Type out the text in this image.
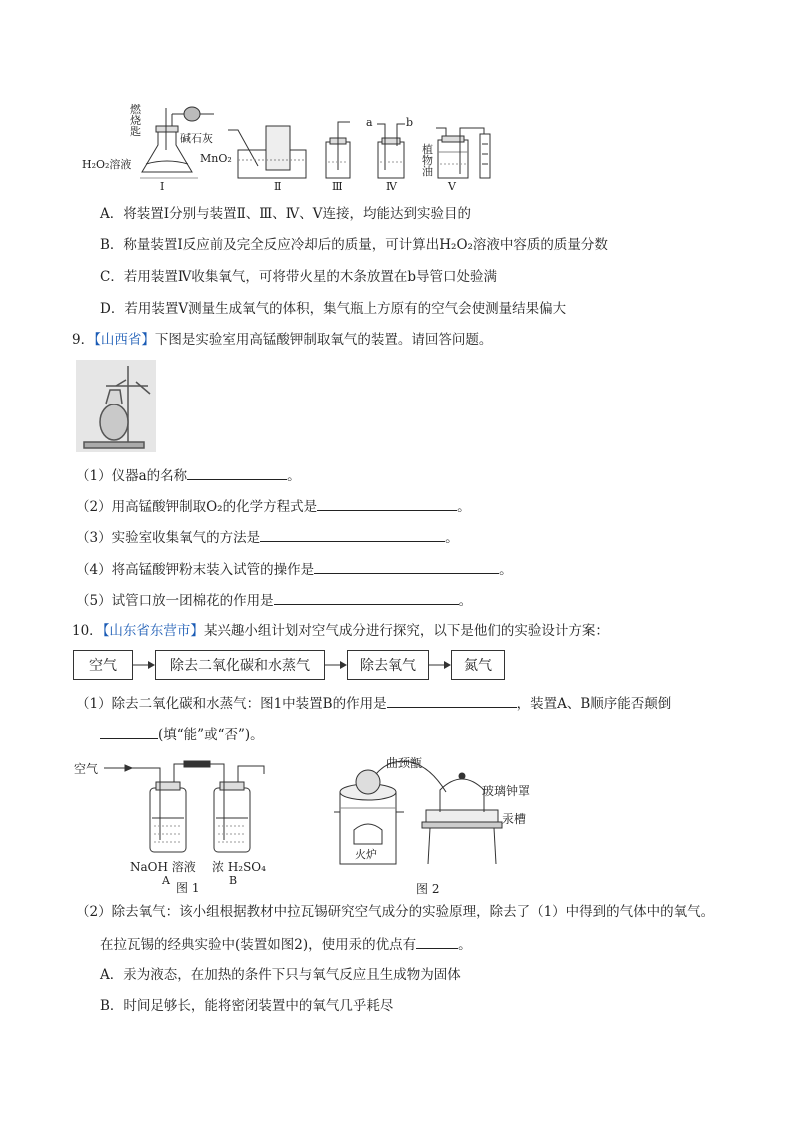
燃
烧
匙
碱石灰
H₂O₂溶液	MnO₂
a	b
植
物
油
Ⅰ	Ⅱ	Ⅲ	Ⅳ	Ⅴ
A．将装置Ⅰ分别与装置Ⅱ、Ⅲ、Ⅳ、Ⅴ连接，均能达到实验目的
B．称量装置Ⅰ反应前及完全反应冷却后的质量，可计算出H₂O₂溶液中容质的质量分数
C．若用装置Ⅳ收集氧气，可将带火星的木条放置在b导管口处验满
D．若用装置Ⅴ测量生成氧气的体积，集气瓶上方原有的空气会使测量结果偏大
9．【山西省】下图是实验室用高锰酸钾制取氧气的装置。请回答问题。
（1）仪器a的名称	。
（2）用高锰酸钾制取O₂的化学方程式是	。
（3）实验室收集氧气的方法是	。
（4）将高锰酸钾粉末装入试管的操作是	。
（5）试管口放一团棉花的作用是	。
10．【山东省东营市】某兴趣小组计划对空气成分进行探究，以下是他们的实验设计方案：
空气	除去二氧化碳和水蒸气	除去氧气	氮气
（1）除去二氧化碳和水蒸气：图1中装置B的作用是	，装置A、B顺序能否颠倒
(填“能”或“否”)。
空气
NaOH 溶液 浓 H₂SO₄
A	B
图 1
曲颈甑
玻璃钟罩
汞槽
火炉
图 2
（2）除去氧气：该小组根据教材中拉瓦锡研究空气成分的实验原理，除去了（1）中得到的气体中的氧气。
在拉瓦锡的经典实验中(装置如图2)，使用汞的优点有	。
A．汞为液态，在加热的条件下只与氧气反应且生成物为固体
B．时间足够长，能将密闭装置中的氧气几乎耗尽
